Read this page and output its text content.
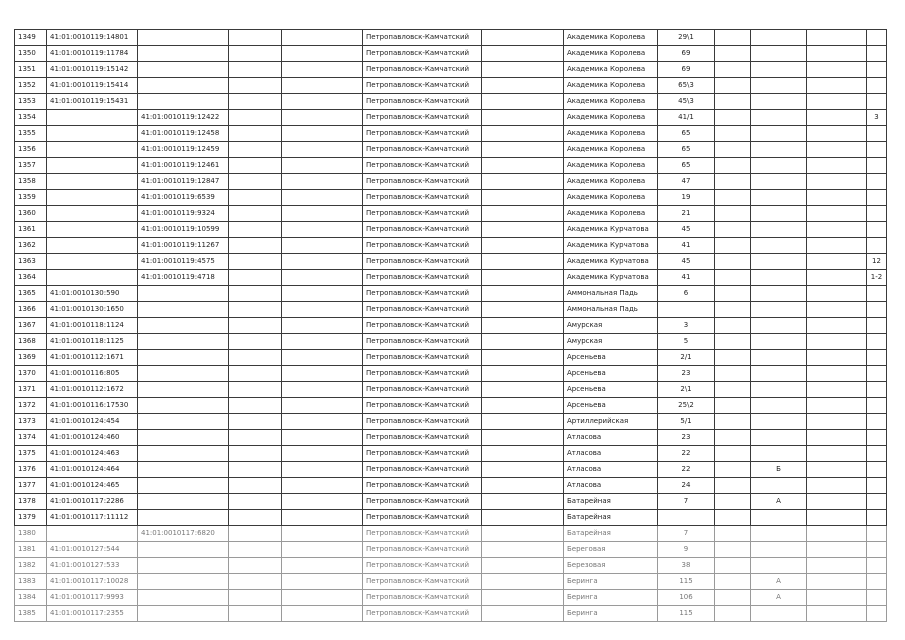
1349	41:01:0010119:14801				Петропавловск-Камчатский		Академика Королева	29\1				
1350	41:01:0010119:11784				Петропавловск-Камчатский		Академика Королева	69				
1351	41:01:0010119:15142				Петропавловск-Камчатский		Академика Королева	69				
1352	41:01:0010119:15414				Петропавловск-Камчатский		Академика Королева	65\3				
1353	41:01:0010119:15431				Петропавловск-Камчатский		Академика Королева	45\3				
1354		41:01:0010119:12422			Петропавловск-Камчатский		Академика Королева	41/1				3
1355		41:01:0010119:12458			Петропавловск-Камчатский		Академика Королева	65				
1356		41:01:0010119:12459			Петропавловск-Камчатский		Академика Королева	65				
1357		41:01:0010119:12461			Петропавловск-Камчатский		Академика Королева	65				
1358		41:01:0010119:12847			Петропавловск-Камчатский		Академика Королева	47				
1359		41:01:0010119:6539			Петропавловск-Камчатский		Академика Королева	19				
1360		41:01:0010119:9324			Петропавловск-Камчатский		Академика Королева	21				
1361		41:01:0010119:10599			Петропавловск-Камчатский		Академика Курчатова	45				
1362		41:01:0010119:11267			Петропавловск-Камчатский		Академика Курчатова	41				
1363		41:01:0010119:4575			Петропавловск-Камчатский		Академика Курчатова	45				12
1364		41:01:0010119:4718			Петропавловск-Камчатский		Академика Курчатова	41				1-2
1365	41:01:0010130:590				Петропавловск-Камчатский		Аммональная Падь	6				
1366	41:01:0010130:1650				Петропавловск-Камчатский		Аммональная Падь					
1367	41:01:0010118:1124				Петропавловск-Камчатский		Амурская	3				
1368	41:01:0010118:1125				Петропавловск-Камчатский		Амурская	5				
1369	41:01:0010112:1671				Петропавловск-Камчатский		Арсеньева	2/1				
1370	41:01:0010116:805				Петропавловск-Камчатский		Арсеньева	23				
1371	41:01:0010112:1672				Петропавловск-Камчатский		Арсеньева	2\1				
1372	41:01:0010116:17530				Петропавловск-Камчатский		Арсеньева	25\2				
1373	41:01:0010124:454				Петропавловск-Камчатский		Артиллерийская	5/1				
1374	41:01:0010124:460				Петропавловск-Камчатский		Атласова	23				
1375	41:01:0010124:463				Петропавловск-Камчатский		Атласова	22				
1376	41:01:0010124:464				Петропавловск-Камчатский		Атласова	22		Б		
1377	41:01:0010124:465				Петропавловск-Камчатский		Атласова	24				
1378	41:01:0010117:2286				Петропавловск-Камчатский		Батарейная	7		А		
1379	41:01:0010117:11112				Петропавловск-Камчатский		Батарейная					
1380		41:01:0010117:6820			Петропавловск-Камчатский		Батарейная	7				
1381	41:01:0010127:544				Петропавловск-Камчатский		Береговая	9				
1382	41:01:0010127:533				Петропавловск-Камчатский		Березовая	38				
1383	41:01:0010117:10028				Петропавловск-Камчатский		Беринга	115		А		
1384	41:01:0010117:9993				Петропавловск-Камчатский		Беринга	106		А		
1385	41:01:0010117:2355				Петропавловск-Камчатский		Беринга	115				
